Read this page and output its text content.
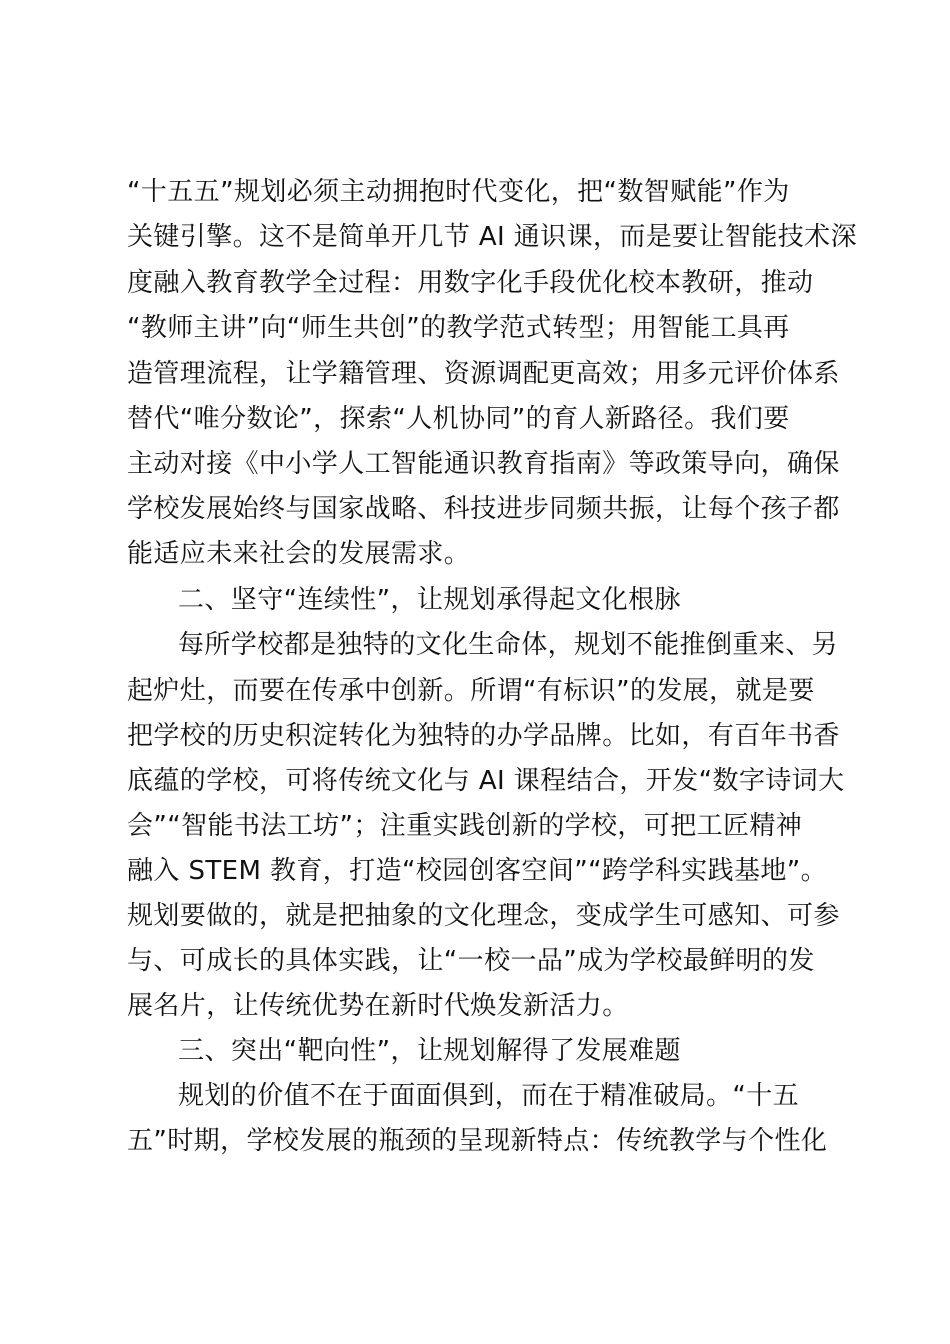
“十五五”规划必须主动拥抱时代变化，把“数智赋能”作为
关键引擎。这不是简单开几节 AI 通识课，而是要让智能技术深
度融入教育教学全过程：用数字化手段优化校本教研，推动
“教师主讲”向“师生共创”的教学范式转型；用智能工具再
造管理流程，让学籍管理、资源调配更高效；用多元评价体系
替代“唯分数论”，探索“人机协同”的育人新路径。我们要
主动对接《中小学人工智能通识教育指南》等政策导向，确保
学校发展始终与国家战略、科技进步同频共振，让每个孩子都
能适应未来社会的发展需求。
二、坚守“连续性”，让规划承得起文化根脉
每所学校都是独特的文化生命体，规划不能推倒重来、另
起炉灶，而要在传承中创新。所谓“有标识”的发展，就是要
把学校的历史积淀转化为独特的办学品牌。比如，有百年书香
底蕴的学校，可将传统文化与 AI 课程结合，开发“数字诗词大
会”“智能书法工坊”；注重实践创新的学校，可把工匠精神
融入 STEM 教育，打造“校园创客空间”“跨学科实践基地”。
规划要做的，就是把抽象的文化理念，变成学生可感知、可参
与、可成长的具体实践，让“一校一品”成为学校最鲜明的发
展名片，让传统优势在新时代焕发新活力。
三、突出“靶向性”，让规划解得了发展难题
规划的价值不在于面面俱到，而在于精准破局。“十五
五”时期，学校发展的瓶颈的呈现新特点：传统教学与个性化
